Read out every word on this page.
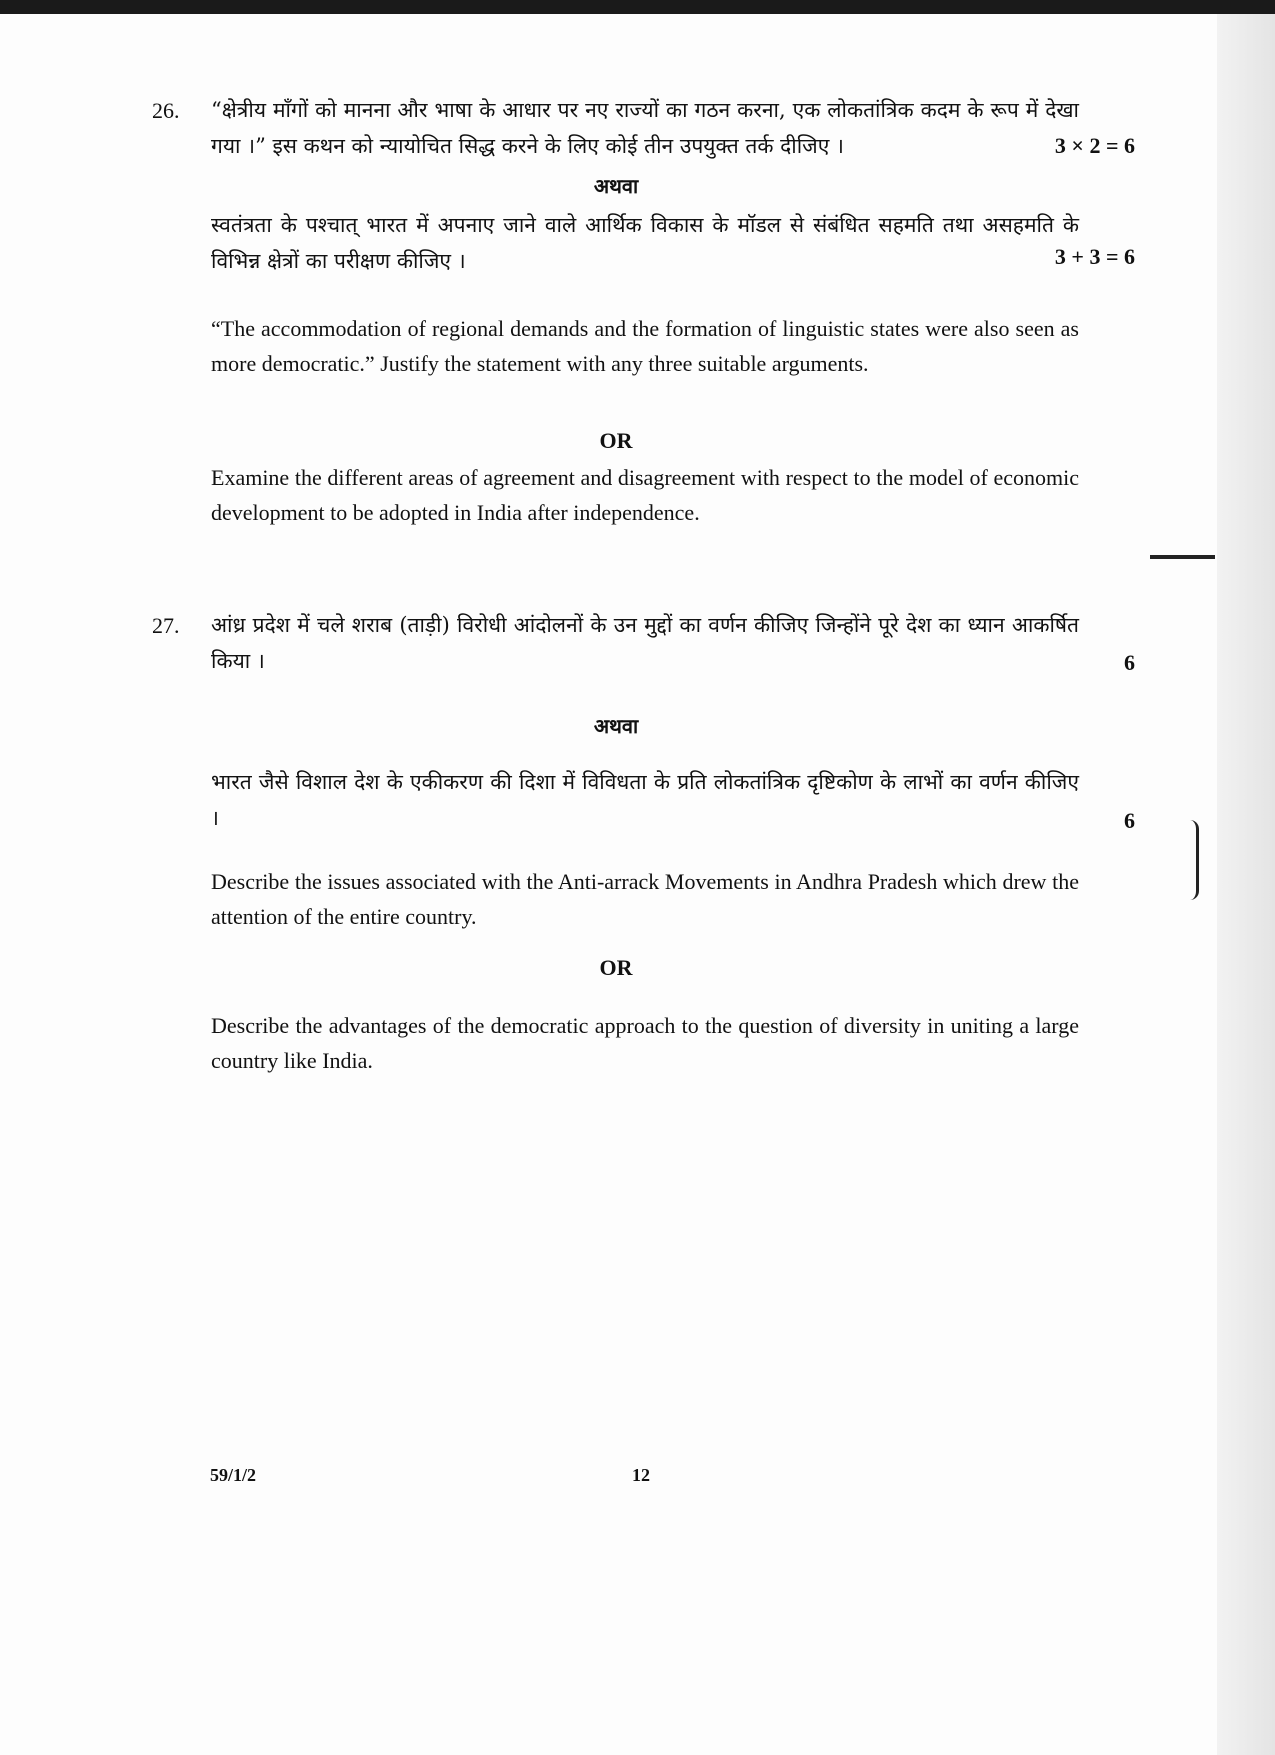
26. “क्षेत्रीय माँगों को मानना और भाषा के आधार पर नए राज्यों का गठन करना, एक लोकतांत्रिक कदम के रूप में देखा गया ।” इस कथन को न्यायोचित सिद्ध करने के लिए कोई तीन उपयुक्त तर्क दीजिए ।	3 × 2 = 6
अथवा
स्वतंत्रता के पश्चात् भारत में अपनाए जाने वाले आर्थिक विकास के मॉडल से संबंधित सहमति तथा असहमति के विभिन्न क्षेत्रों का परीक्षण कीजिए ।	3 + 3 = 6
“The accommodation of regional demands and the formation of linguistic states were also seen as more democratic.” Justify the statement with any three suitable arguments.
OR
Examine the different areas of agreement and disagreement with respect to the model of economic development to be adopted in India after independence.
27. आंध्र प्रदेश में चले शराब (ताड़ी) विरोधी आंदोलनों के उन मुद्दों का वर्णन कीजिए जिन्होंने पूरे देश का ध्यान आकर्षित किया ।	6
अथवा
भारत जैसे विशाल देश के एकीकरण की दिशा में विविधता के प्रति लोकतांत्रिक दृष्टिकोण के लाभों का वर्णन कीजिए ।	6
Describe the issues associated with the Anti-arrack Movements in Andhra Pradesh which drew the attention of the entire country.
OR
Describe the advantages of the democratic approach to the question of diversity in uniting a large country like India.
59/1/2	12
